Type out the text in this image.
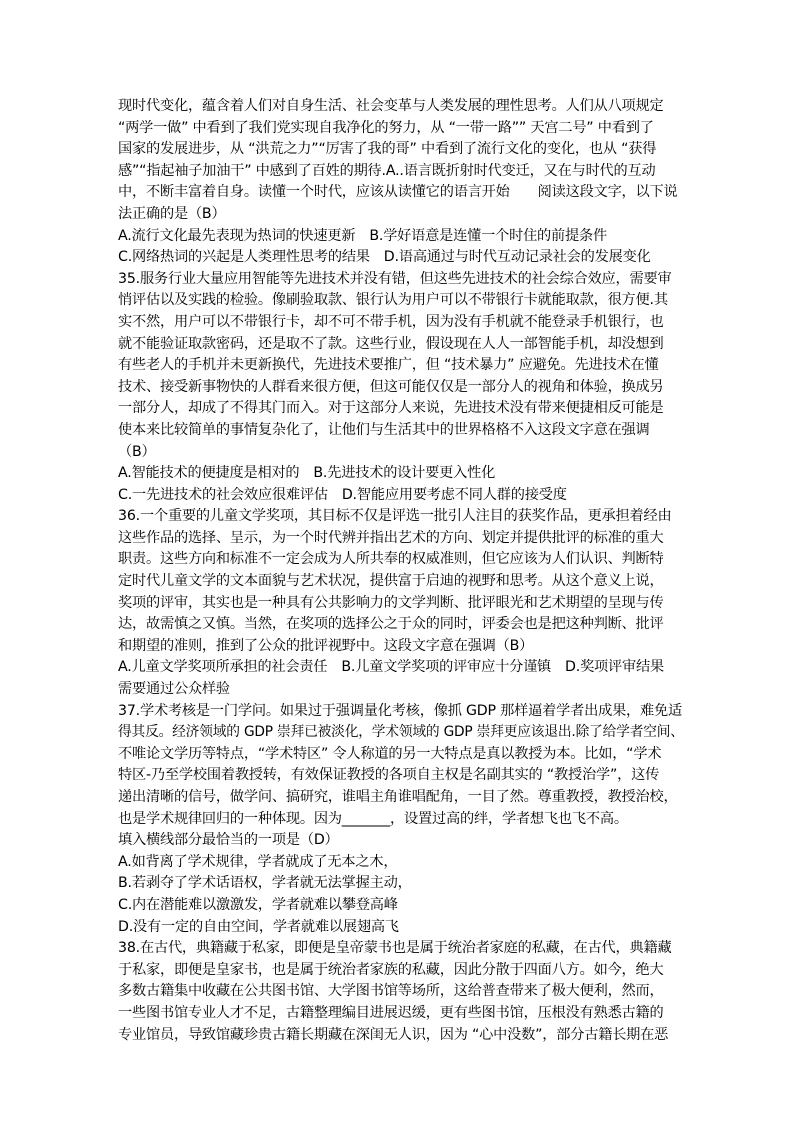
现时代变化，蕴含着人们对自身生活、社会变革与人类发展的理性思考。人们从八项规定
“两学一做” 中看到了我们党实现自我净化的努力，从 “一带一路”” 天宫二号” 中看到了
国家的发展进步，从 “洪荒之力”“厉害了我的哥” 中看到了流行文化的变化，也从 “获得
感”“指起袖子加油干” 中感到了百姓的期待.A..语言既折射时代变迁，又在与时代的互动
中，不断丰富着自身。读懂一个时代，应该从读懂它的语言开始　　阅读这段文字，以下说
法正确的是（B）
A.流行文化最先表现为热词的快速更新　B.学好语意是连懂一个时住的前提条件
C.网络热词的兴起是人类理性思考的结果　D.语高通过与时代互动记录社会的发展变化
35.服务行业大量应用智能等先进技术并没有错，但这些先进技术的社会综合效应，需要审
悄评估以及实践的检验。像刷验取款、银行认为用户可以不带银行卡就能取款，很方便.其
实不然，用户可以不带银行卡，却不可不带手机，因为没有手机就不能登录手机银行，也
就不能验证取款密码，还是取不了款。这些行业，假设现在人人一部智能手机，却没想到
有些老人的手机并未更新换代，先进技术要推广，但 “技术暴力” 应避免。先进技术在懂
技术、接受新事物快的人群看来很方便，但这可能仅仅是一部分人的视角和体验，换成另
一部分人，却成了不得其门而入。对于这部分人来说，先进技术没有带来便捷相反可能是
使本来比较简单的事情复杂化了，让他们与生活其中的世界格格不入这段文字意在强调
（B）
A.智能技术的便捷度是相对的　B.先进技术的设计要更入性化
C.一先进技术的社会效应很难评估　D.智能应用要考虑不同人群的接受度
36.一个重要的儿童文学奖项，其目标不仅是评选一批引人注目的获奖作品，更承担着经由
这些作品的选择、呈示，为一个时代辨并指出艺术的方向、划定并提供批评的标准的重大
职责。这些方向和标准不一定会成为人所共奉的权威准则，但它应该为人们认识、判断特
定时代儿童文学的文本面貌与艺术状况，提供富于启迪的视野和思考。从这个意义上说，
奖项的评审，其实也是一种具有公共影响力的文学判断、批评眼光和艺术期望的呈现与传
达，故需慎之又慎。当然，在奖项的选择公之于众的同时，评委会也是把这种判断、批评
和期望的准则，推到了公众的批评视野中。这段文字意在强调（B）
A.儿童文学奖项所承担的社会责任　B.儿童文学奖项的评审应十分谨镇　D.奖项评审结果
需要通过公众样验
37.学术考核是一门学问。如果过于强调量化考核，像抓 GDP 那样逼着学者出成果，难免适
得其反。经济领域的 GDP 崇拜已被淡化，学术领域的 GDP 崇拜更应该退出.除了给学者空间、
不唯论文学历等特点，“学术特区” 令人称道的另一大特点是真以教授为本。比如，“学术
特区-乃至学校围着教授转，有效保证教授的各项自主权是名副其实的 “教授治学”，这传
递出清晰的信号，做学问、搞研究，谁唱主角谁唱配角，一目了然。尊重教授，教授治校，
也是学术规律回归的一种体现。因为_______，设置过高的绊，学者想飞也飞不高。
填入横线部分最恰当的一项是（D）
A.如背离了学术规律，学者就成了无本之木，
B.若剥夺了学术话语权，学者就无法掌握主动，
C.内在潜能难以激激发，学者就难以攀登高峰
D.没有一定的自由空间，学者就难以展翅高飞
38.在古代，典籍藏于私家，即便是皇帝蒙书也是属于统治者家庭的私藏，在古代，典籍藏
于私家，即便是皇家书，也是属于统治者家族的私藏，因此分散于四面八方。如今，绝大
多数古籍集中收藏在公共图书馆、大学图书馆等场所，这给普查带来了极大便利，然而，
一些图书馆专业人才不足，古籍整理编目进展迟缓，更有些图书馆，压根没有熟悉古籍的
专业馆员，导致馆藏珍贵古籍长期藏在深闺无人识，因为 “心中没数”，部分古籍长期在恶
